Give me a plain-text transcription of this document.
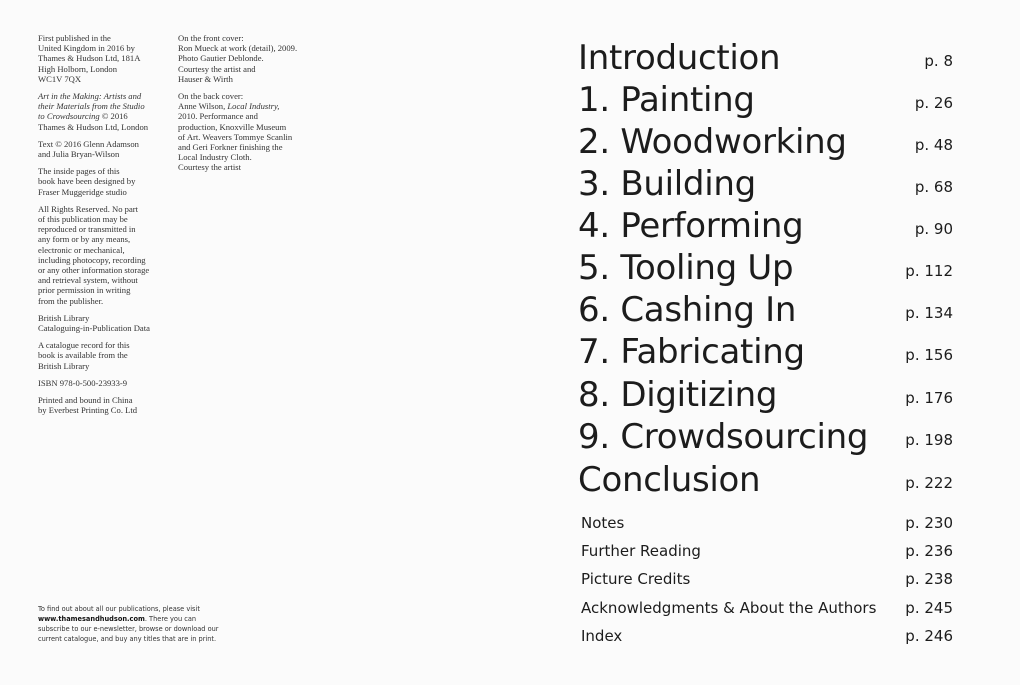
First published in the
United Kingdom in 2016 by
Thames & Hudson Ltd, 181A
High Holborn, London
WC1V 7QX

Art in the Making: Artists and
their Materials from the Studio
to Crowdsourcing © 2016
Thames & Hudson Ltd, London

Text © 2016 Glenn Adamson
and Julia Bryan-Wilson

The inside pages of this
book have been designed by
Fraser Muggeridge studio

All Rights Reserved. No part
of this publication may be
reproduced or transmitted in
any form or by any means,
electronic or mechanical,
including photocopy, recording
or any other information storage
and retrieval system, without
prior permission in writing
from the publisher.

British Library
Cataloguing-in-Publication Data

A catalogue record for this
book is available from the
British Library

ISBN 978-0-500-23933-9

Printed and bound in China
by Everbest Printing Co. Ltd

On the front cover:
Ron Mueck at work (detail), 2009.
Photo Gautier Deblonde.
Courtesy the artist and
Hauser & Wirth

On the back cover:
Anne Wilson, Local Industry,
2010. Performance and
production, Knoxville Museum
of Art. Weavers Tommye Scanlin
and Geri Forkner finishing the
Local Industry Cloth.
Courtesy the artist

To find out about all our publications, please visit
www.thamesandhudson.com. There you can
subscribe to our e-newsletter, browse or download our
current catalogue, and buy any titles that are in print.
Introduction	p. 8
1. Painting	p. 26
2. Woodworking	p. 48
3. Building	p. 68
4. Performing	p. 90
5. Tooling Up	p. 112
6. Cashing In	p. 134
7. Fabricating	p. 156
8. Digitizing	p. 176
9. Crowdsourcing p. 198
Conclusion	p. 222
Notes	p. 230
Further Reading	p. 236
Picture Credits	p. 238
Acknowledgments & About the Authors p. 245
Index	p. 246
